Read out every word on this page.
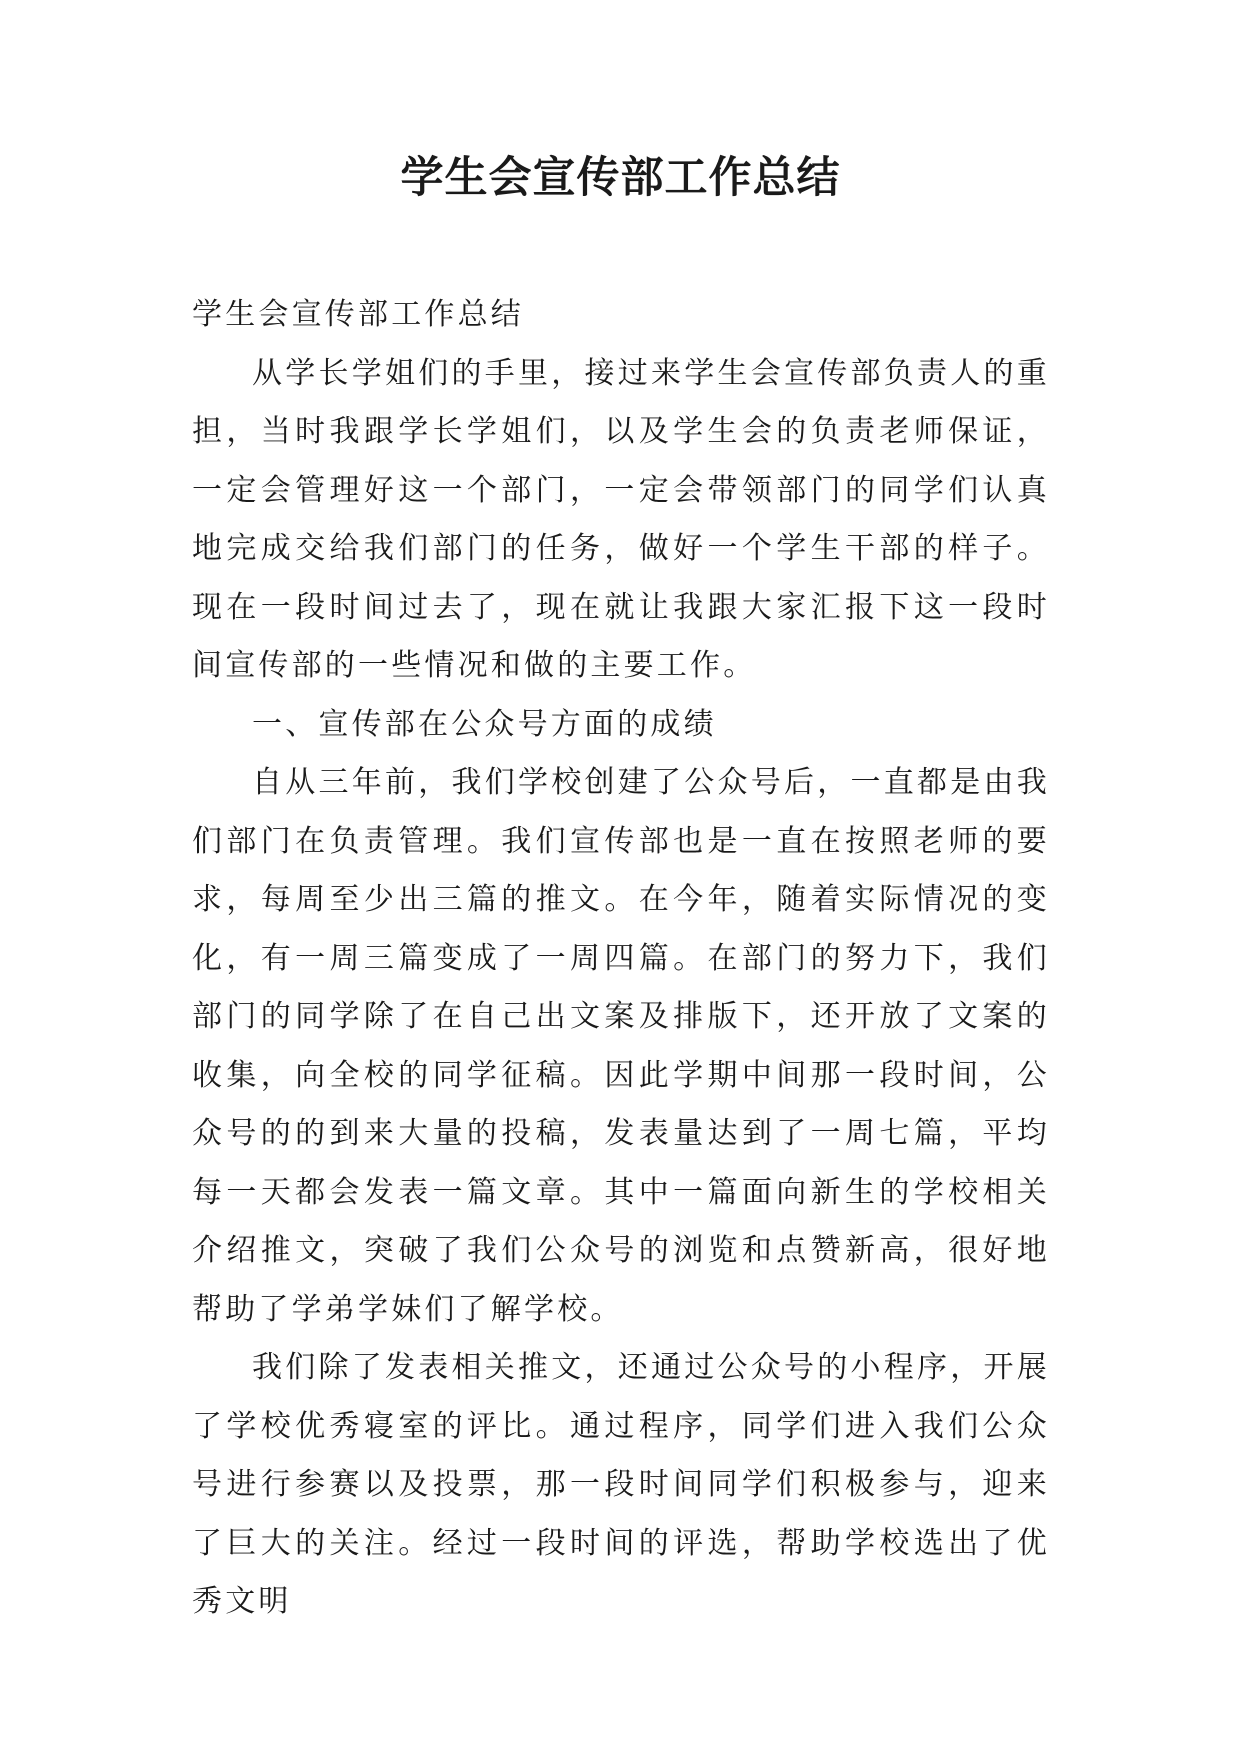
学生会宣传部工作总结

学生会宣传部工作总结

从学长学姐们的手里，接过来学生会宣传部负责人的重担，当时我跟学长学姐们，以及学生会的负责老师保证，一定会管理好这一个部门，一定会带领部门的同学们认真地完成交给我们部门的任务，做好一个学生干部的样子。现在一段时间过去了，现在就让我跟大家汇报下这一段时间宣传部的一些情况和做的主要工作。

一、宣传部在公众号方面的成绩

自从三年前，我们学校创建了公众号后，一直都是由我们部门在负责管理。我们宣传部也是一直在按照老师的要求，每周至少出三篇的推文。在今年，随着实际情况的变化，有一周三篇变成了一周四篇。在部门的努力下，我们部门的同学除了在自己出文案及排版下，还开放了文案的收集，向全校的同学征稿。因此学期中间那一段时间，公众号的的到来大量的投稿，发表量达到了一周七篇，平均每一天都会发表一篇文章。其中一篇面向新生的学校相关介绍推文，突破了我们公众号的浏览和点赞新高，很好地帮助了学弟学妹们了解学校。

我们除了发表相关推文，还通过公众号的小程序，开展了学校优秀寝室的评比。通过程序，同学们进入我们公众号进行参赛以及投票，那一段时间同学们积极参与，迎来了巨大的关注。经过一段时间的评选，帮助学校选出了优秀文明
